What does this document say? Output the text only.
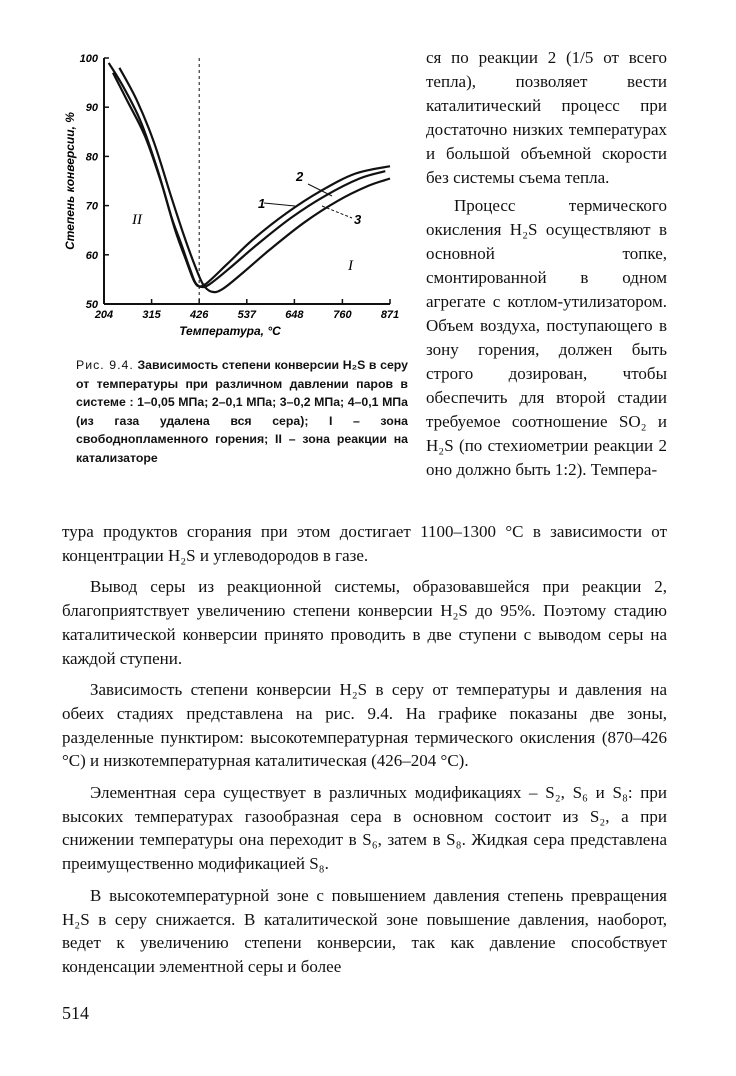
50
60
70
80
90
100
204	315	426	537	648	760	871
Температура, °С
Степень конверсии, %	1
2
3
II
I

Рис. 9.4. Зависимость степени конверсии H₂S в серу от температуры при различном давлении паров в системе : 1–0,05 МПа; 2–0,1 МПа; 3–0,2 МПа; 4–0,1 МПа (из газа удалена вся сера); I – зона свободнопламенного горения; II – зона реакции на катализаторе

ся по реакции 2 (1/5 от всего тепла), позволяет вести каталитический процесс при достаточно низких температурах и большой объемной скорости без системы съема тепла.

Процесс термического окисления H₂S осуществляют в основной топке, смонтированной в одном агрегате с котлом-утилизатором. Объем воздуха, поступающего в зону горения, должен быть строго дозирован, чтобы обеспечить для второй стадии требуемое соотношение SO₂ и H₂S (по стехиометрии реакции 2 оно должно быть 1:2). Темпера-

тура продуктов сгорания при этом достигает 1100–1300 °С в зависимости от концентрации H₂S и углеводородов в газе.

Вывод серы из реакционной системы, образовавшейся при реакции 2, благоприятствует увеличению степени конверсии H₂S до 95%. Поэтому стадию каталитической конверсии принято проводить в две ступени с выводом серы на каждой ступени.

Зависимость степени конверсии H₂S в серу от температуры и давления на обеих стадиях представлена на рис. 9.4. На графике показаны две зоны, разделенные пунктиром: высокотемпературная термического окисления (870–426 °С) и низкотемпературная каталитическая (426–204 °С).

Элементная сера существует в различных модификациях – S₂, S₆ и S₈: при высоких температурах газообразная сера в основном состоит из S₂, а при снижении температуры она переходит в S₆, затем в S₈. Жидкая сера представлена преимущественно модификацией S₈.

В высокотемпературной зоне с повышением давления степень превращения H₂S в серу снижается. В каталитической зоне повышение давления, наоборот, ведет к увеличению степени конверсии, так как давление способствует конденсации элементной серы и более

514
